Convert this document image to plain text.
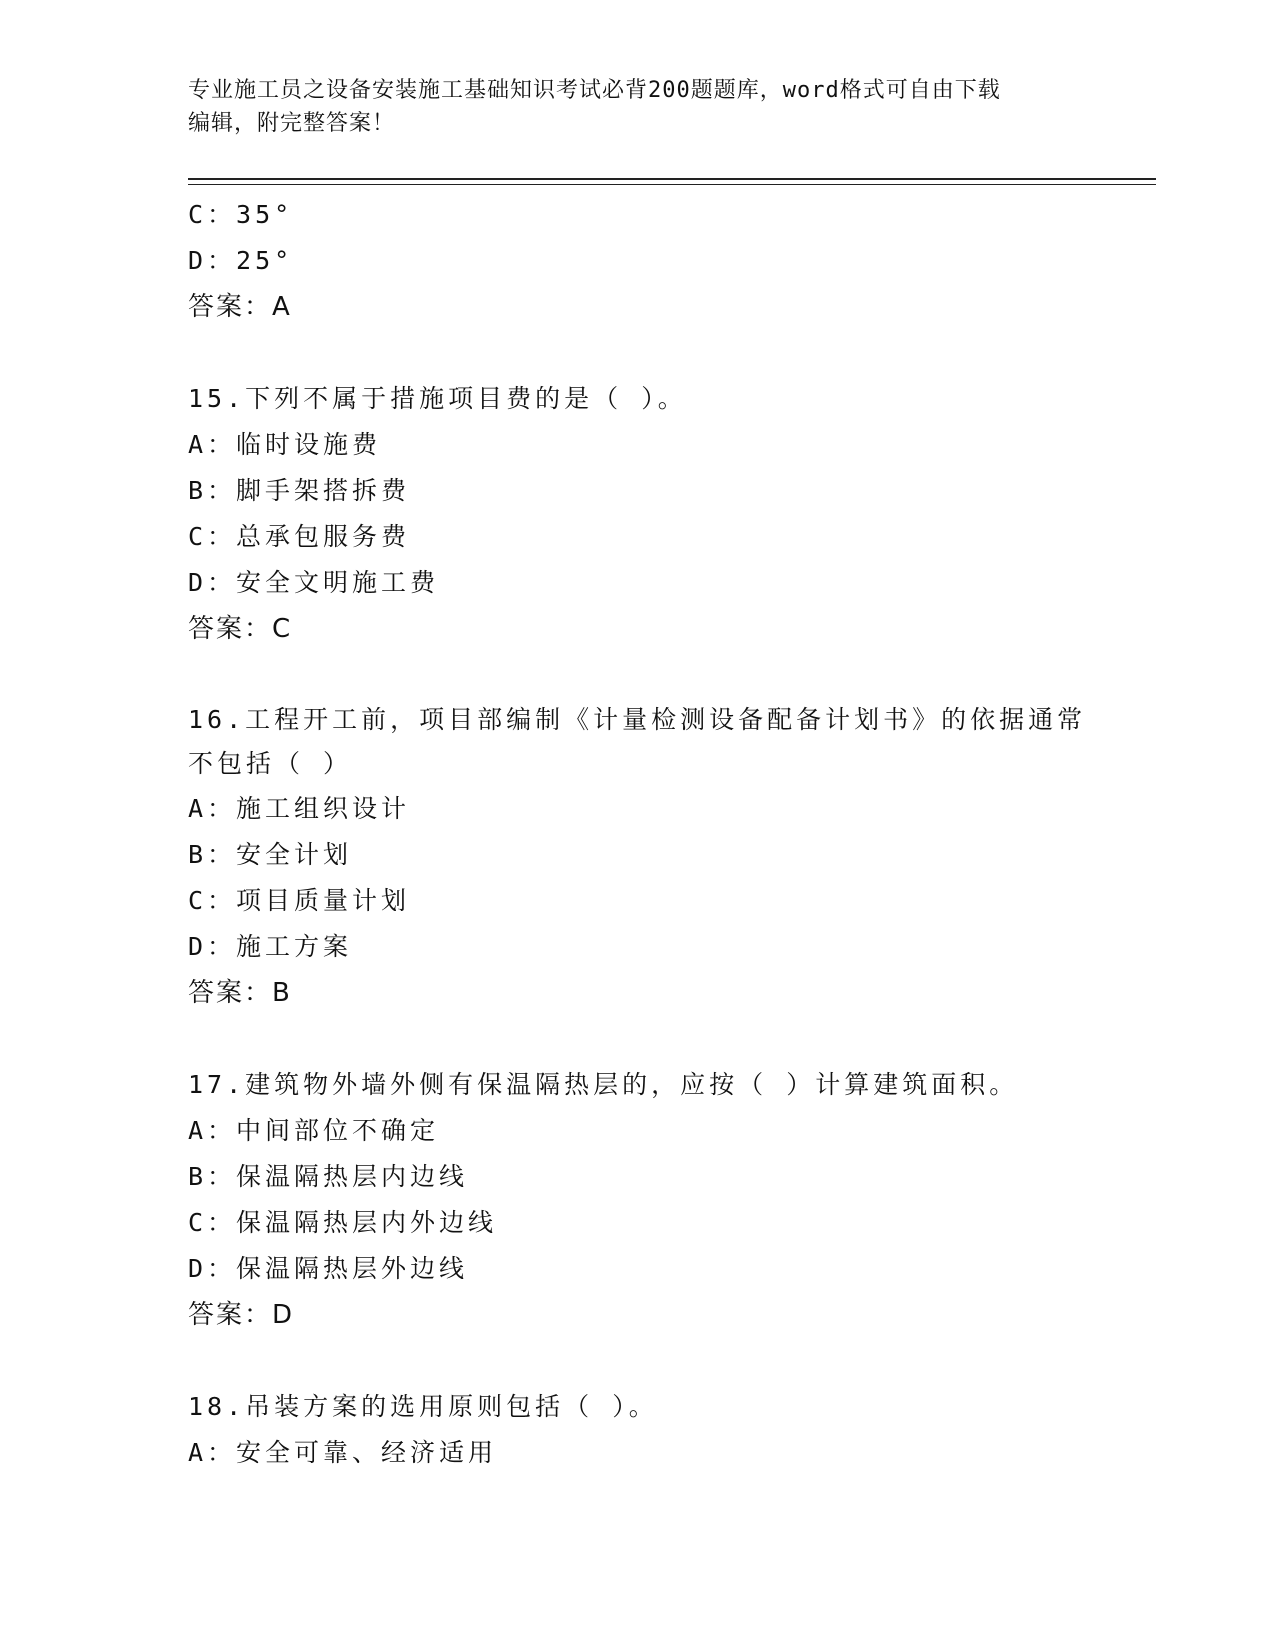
专业施工员之设备安装施工基础知识考试必背200题题库，word格式可自由下载
编辑，附完整答案！
C：35°
D：25°
答案：A
15.下列不属于措施项目费的是（ ）。
A：临时设施费
B：脚手架搭拆费
C：总承包服务费
D：安全文明施工费
答案：C
16.工程开工前，项目部编制《计量检测设备配备计划书》的依据通常
不包括（ ）
A：施工组织设计
B：安全计划
C：项目质量计划
D：施工方案
答案：B
17.建筑物外墙外侧有保温隔热层的，应按（ ）计算建筑面积。
A：中间部位不确定
B：保温隔热层内边线
C：保温隔热层内外边线
D：保温隔热层外边线
答案：D
18.吊装方案的选用原则包括（ ）。
A：安全可靠、经济适用
